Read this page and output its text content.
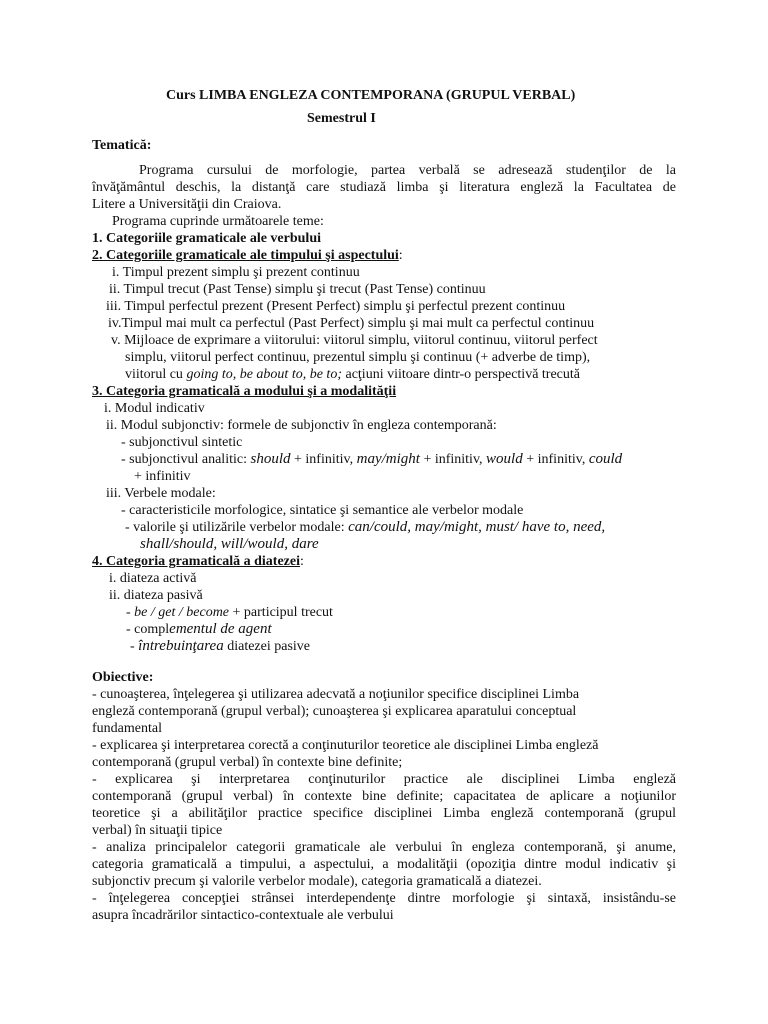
Curs LIMBA ENGLEZA CONTEMPORANA (GRUPUL VERBAL)
Semestrul I
Tematică:
Programa cursului de morfologie, partea verbală se adresează studenţilor de la
învăţământul deschis, la distanţă care studiază limba şi literatura engleză la Facultatea de
Litere a Universităţii din Craiova.
Programa cuprinde următoarele teme:
1. Categoriile gramaticale ale verbului
2. Categoriile gramaticale ale timpului şi aspectului:
i. Timpul prezent simplu şi prezent continuu
ii. Timpul trecut (Past Tense) simplu şi trecut (Past Tense) continuu
iii. Timpul perfectul prezent (Present Perfect) simplu şi perfectul prezent continuu
iv.Timpul mai mult ca perfectul (Past Perfect) simplu şi mai mult ca perfectul continuu
v. Mijloace de exprimare a viitorului: viitorul simplu, viitorul continuu, viitorul perfect
simplu, viitorul perfect continuu, prezentul simplu şi continuu (+ adverbe de timp),
viitorul cu going to, be about to, be to; acţiuni viitoare dintr-o perspectivă trecută
3. Categoria gramaticală a modului şi a modalităţii
i. Modul indicativ
ii. Modul subjonctiv: formele de subjonctiv în engleza contemporană:
- subjonctivul sintetic
- subjonctivul analitic: should + infinitiv, may/might + infinitiv, would + infinitiv, could
+ infinitiv
iii. Verbele modale:
- caracteristicile morfologice, sintatice şi semantice ale verbelor modale
- valorile şi utilizările verbelor modale: can/could, may/might, must/ have to, need,
shall/should, will/would, dare
4. Categoria gramaticală a diatezei:
i. diateza activă
ii. diateza pasivă
- be / get / become + participul trecut
- complementul de agent
- întrebuinţarea diatezei pasive
Obiective:
- cunoaşterea, înţelegerea şi utilizarea adecvată a noţiunilor specifice disciplinei Limba
engleză contemporană (grupul verbal); cunoaşterea şi explicarea aparatului conceptual
fundamental
- explicarea şi interpretarea corectă a conţinuturilor teoretice ale disciplinei Limba engleză
contemporană (grupul verbal) în contexte bine definite;
- explicarea şi interpretarea conţinuturilor practice ale disciplinei Limba engleză
contemporană (grupul verbal) în contexte bine definite; capacitatea de aplicare a noţiunilor
teoretice şi a abilităţilor practice specifice disciplinei Limba engleză contemporană (grupul
verbal) în situaţii tipice
- analiza principalelor categorii gramaticale ale verbului în engleza contemporană, şi anume,
categoria gramaticală a timpului, a aspectului, a modalităţii (opoziţia dintre modul indicativ şi
subjonctiv precum şi valorile verbelor modale), categoria gramaticală a diatezei.
- înţelegerea concepţiei strânsei interdependenţe dintre morfologie şi sintaxă, insistându-se
asupra încadrărilor sintactico-contextuale ale verbului
